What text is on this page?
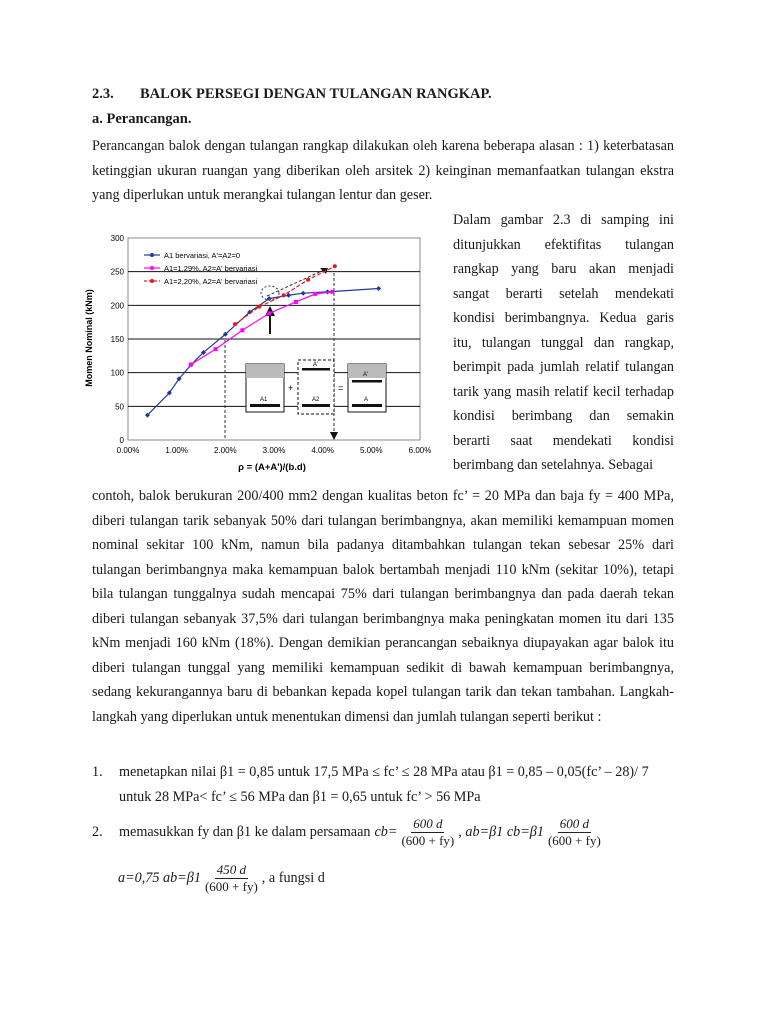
2.3. BALOK PERSEGI DENGAN TULANGAN RANGKAP.
a. Perancangan.
Perancangan balok dengan tulangan rangkap dilakukan oleh karena beberapa alasan : 1) keterbatasan ketinggian ukuran ruangan yang diberikan oleh arsitek 2) keinginan memanfaatkan tulangan ekstra yang diperlukan untuk merangkai tulangan lentur dan geser.
0
50
100
150
200
250
300
0.00%	1.00%	2.00%	3.00%	4.00%	5.00%	6.00%
A1
+
A2
A'
=
A'
A
A1 bervariasi, A'=A2=0
A1=1,29%, A2=A' bervariasi
A1=2,20%, A2=A' bervariasi
Momen Nominal (kNm)
ρ = (A+A')/(b.d)
Dalam gambar 2.3 di samping ini ditunjukkan efektifitas tulangan rangkap yang baru akan menjadi sangat berarti setelah mendekati kondisi berimbangnya. Kedua garis itu, tulangan tunggal dan rangkap, berimpit pada jumlah relatif tulangan tarik yang masih relatif kecil terhadap kondisi berimbang dan semakin berarti saat mendekati kondisi berimbang dan setelahnya. Sebagai
contoh, balok berukuran 200/400 mm2 dengan kualitas beton fc’ = 20 MPa dan baja fy = 400 MPa, diberi tulangan tarik sebanyak 50% dari tulangan berimbangnya, akan memiliki kemampuan momen nominal sekitar 100 kNm, namun bila padanya ditambahkan tulangan tekan sebesar 25% dari tulangan berimbangnya maka kemampuan balok bertambah menjadi 110 kNm (sekitar 10%), tetapi bila tulangan tunggalnya sudah mencapai 75% dari tulangan berimbangnya dan pada daerah tekan diberi tulangan sebanyak 37,5% dari tulangan berimbangnya maka peningkatan momen itu dari 135 kNm menjadi 160 kNm (18%). Dengan demikian perancangan sebaiknya diupayakan agar balok itu diberi tulangan tunggal yang memiliki kemampuan sedikit di bawah kemampuan berimbangnya, sedang kekurangannya baru di bebankan kepada kopel tulangan tarik dan tekan tambahan. Langkah-langkah yang diperlukan untuk menentukan dimensi dan jumlah tulangan seperti berikut :
1.	menetapkan nilai β1 = 0,85 untuk 17,5 MPa ≤ fc’ ≤ 28 MPa atau β1 = 0,85 – 0,05(fc’ – 28)/ 7 untuk 28 MPa< fc’ ≤ 56 MPa dan β1 = 0,65 untuk fc’ > 56 MPa
2.	memasukkan fy dan β1 ke dalam persamaan $cb= \frac{600 d}{(600 + fy)}$ , ab=β1 $cb=\beta 1 \frac{600 d}{(600 + fy)}$
a=0,75 $ab=\beta 1 \frac{450 d}{(600 + fy)}$ , a fungsi d
